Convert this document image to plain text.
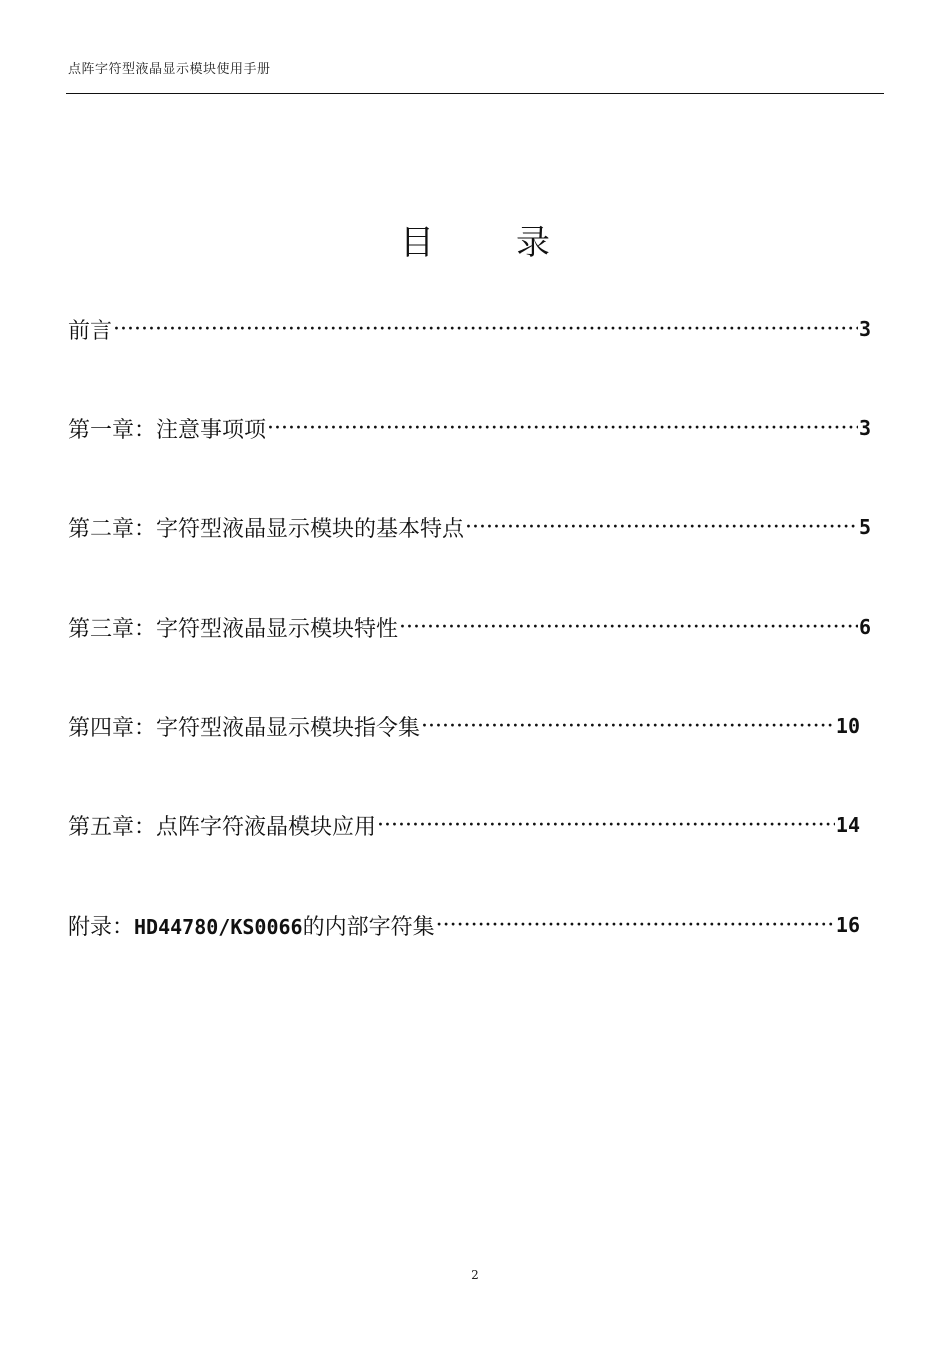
点阵字符型液晶显示模块使用手册
目录
前言 ·····	3
第一章：注意事项项 ·····	3
第二章：字符型液晶显示模块的基本特点 ·····	5
第三章：字符型液晶显示模块特性 ·····	6
第四章：字符型液晶显示模块指令集 ·····	10
第五章：点阵字符液晶模块应用 ·····	14
附录：HD44780/KS0066的内部字符集 ·····	16
2
